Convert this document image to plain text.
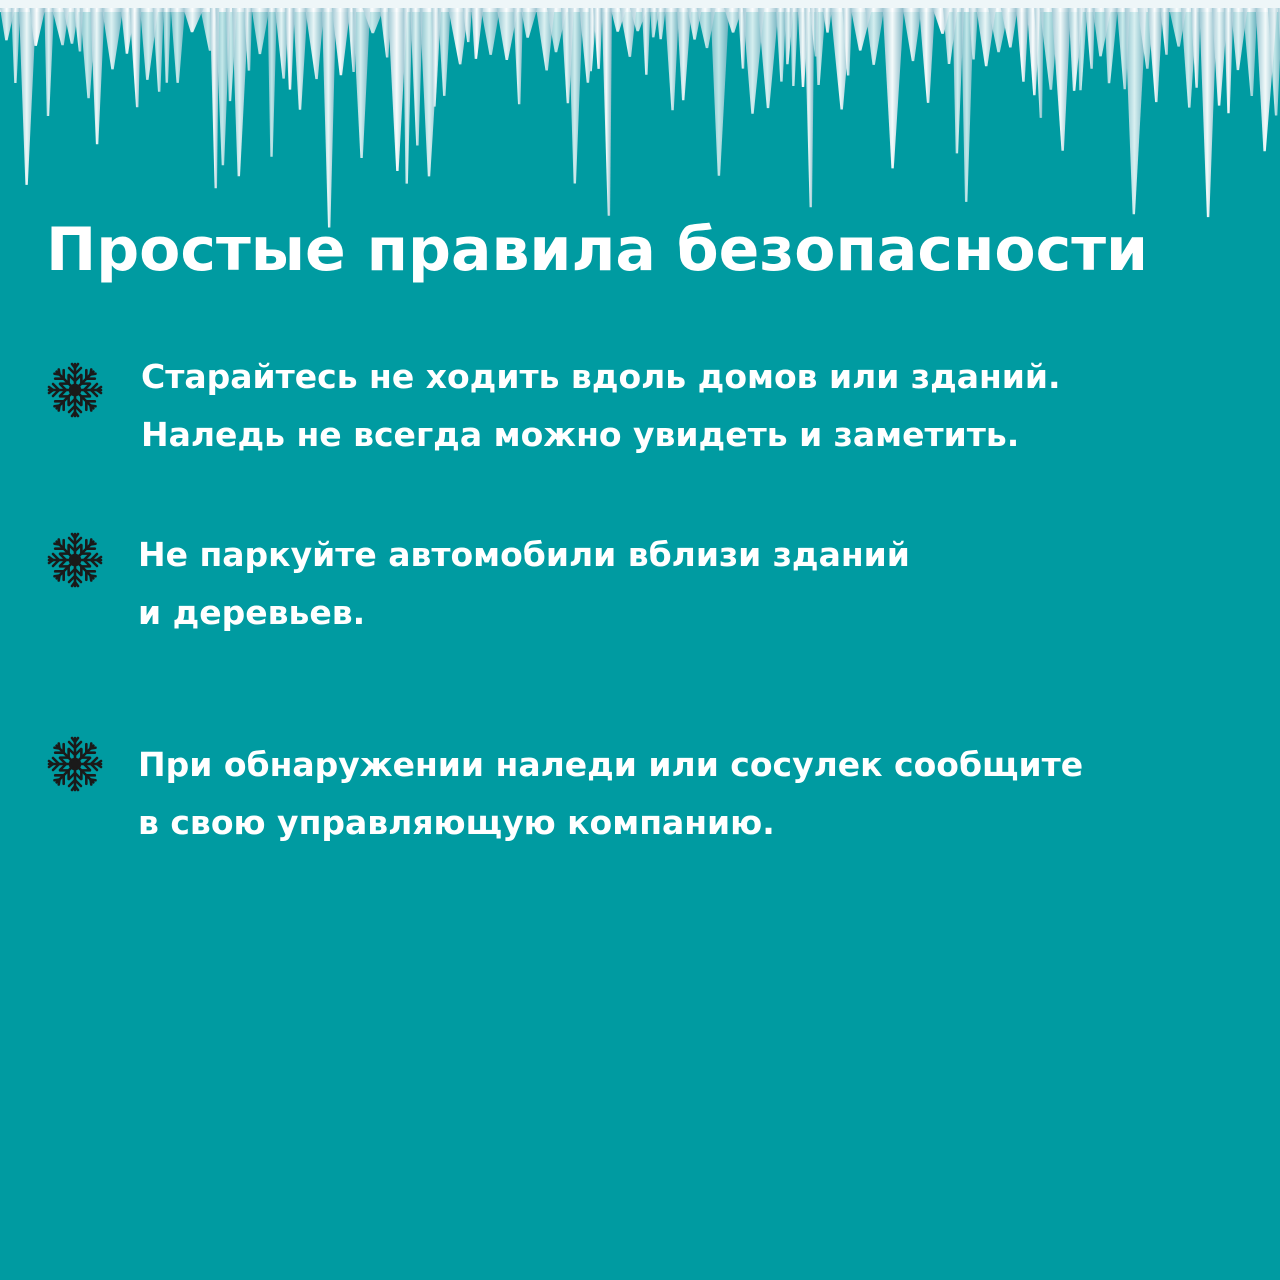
Простые правила безопасности

Старайтесь не ходить вдоль домов или зданий.
Наледь не всегда можно увидеть и заметить.

Не паркуйте автомобили вблизи зданий
и деревьев.

При обнаружении наледи или сосулек сообщите
в свою управляющую компанию.
